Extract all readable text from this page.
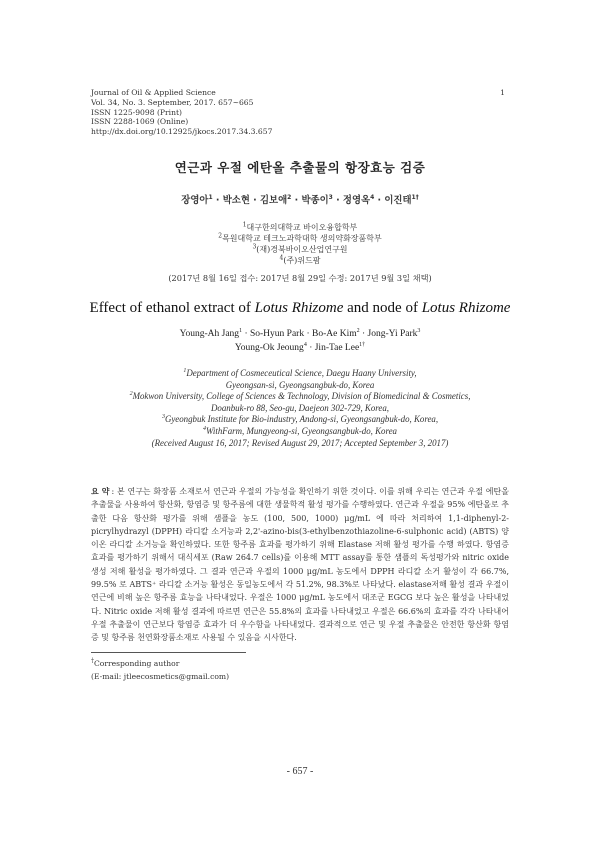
Journal of Oil & Applied Science
Vol. 34, No. 3. September, 2017. 657~665
ISSN 1225-9098 (Print)
ISSN 2288-1069 (Online)
http://dx.doi.org/10.12925/jkocs.2017.34.3.657
1
연근과 우절 에탄올 추출물의 항장효능 검증
장영아$^1$ · 박소현 · 김보애$^2$ · 박종이$^3$ · 정영옥$^4$ · 이진태$^{1\dagger}$
$^1$대구한의대학교 바이오융합학부
$^2$목원대학교 테크노과학대학 생의약화장품학부
$^3$(재)경북바이오산업연구원
$^4$(주)위드팜
(2017년 8월 16일 접수: 2017년 8월 29일 수정: 2017년 9월 3일 채택)
Effect of ethanol extract of Lotus Rhizome and node of Lotus Rhizome
Young-Ah Jang$^1$ · So-Hyun Park · Bo-Ae Kim$^2$ · Jong-Yi Park$^3$
Young-Ok Jeoung$^4$ · Jin-Tae Lee$^{1\dagger}$
$^1$Department of Cosmeceutical Science, Daegu Haany University,
Gyeongsan-si, Gyeongsangbuk-do, Korea
$^2$Mokwon University, College of Sciences & Technology, Division of Biomedicinal & Cosmetics,
Doanbuk-ro 88, Seo-gu, Daejeon 302-729, Korea,
$^3$Gyeongbuk Institute for Bio-industry, Andong-si, Gyeongsangbuk-do, Korea,
$^4$WithFarm, Mungyeong-si, Gyeongsangbuk-do, Korea
(Received August 16, 2017; Revised August 29, 2017; Accepted September 3, 2017)
요 약 : 본 연구는 화장품 소재로서 연근과 우절의 가능성을 확인하기 위한 것이다. 이를 위해 우리는 연근과 우절 에탄올 추출물을 사용하여 항산화, 항염증 및 항주름에 대한 생물학적 활성 평가를 수행하였다. 연근과 우절을 95% 에탄올로 추출한 다음 항산화 평가를 위해 샘플을 농도 (100, 500, 1000) μg/mL 에 따라 처리하여 1,1-diphenyl-2-picrylhydrazyl (DPPH) 라디칼 소거능과 2,2'-azino-bis(3-ethylbenzothiazoline-6-sulphonic acid) (ABTS) 양이온 라디칼 소거능을 확인하였다. 또한 항주름 효과를 평가하기 위해 Elastase 저해 활성 평가를 수행 하였다. 항염증 효과를 평가하기 위해서 대식세포 (Raw 264.7 cells)를 이용해 MTT assay를 통한 샘플의 독성평가와 nitric oxide 생성 저해 활성을 평가하였다. 그 결과 연근과 우절의 1000 μg/mL 농도에서 DPPH 라디칼 소거 활성이 각 66.7%, 99.5% 로 ABTS⁺ 라디칼 소거능 활성은 동일농도에서 각 51.2%, 98.3%로 나타났다. elastase저해 활성 결과 우절이 연근에 비해 높은 항주름 효능을 나타내었다. 우절은 1000 μg/mL 농도에서 대조군 EGCG 보다 높은 활성을 나타내었다. Nitric oxide 저해 활성 결과에 따르면 연근은 55.8%의 효과를 나타내었고 우절은 66.6%의 효과를 각각 나타내어 우절 추출물이 연근보다 항염증 효과가 더 우수함을 나타내었다. 결과적으로 연근 및 우절 추출물은 안전한 항산화 항염증 및 항주름 천연화장품소재로 사용될 수 있음을 시사한다.
†Corresponding author
(E-mail: jtleecosmetics@gmail.com)
- 657 -
